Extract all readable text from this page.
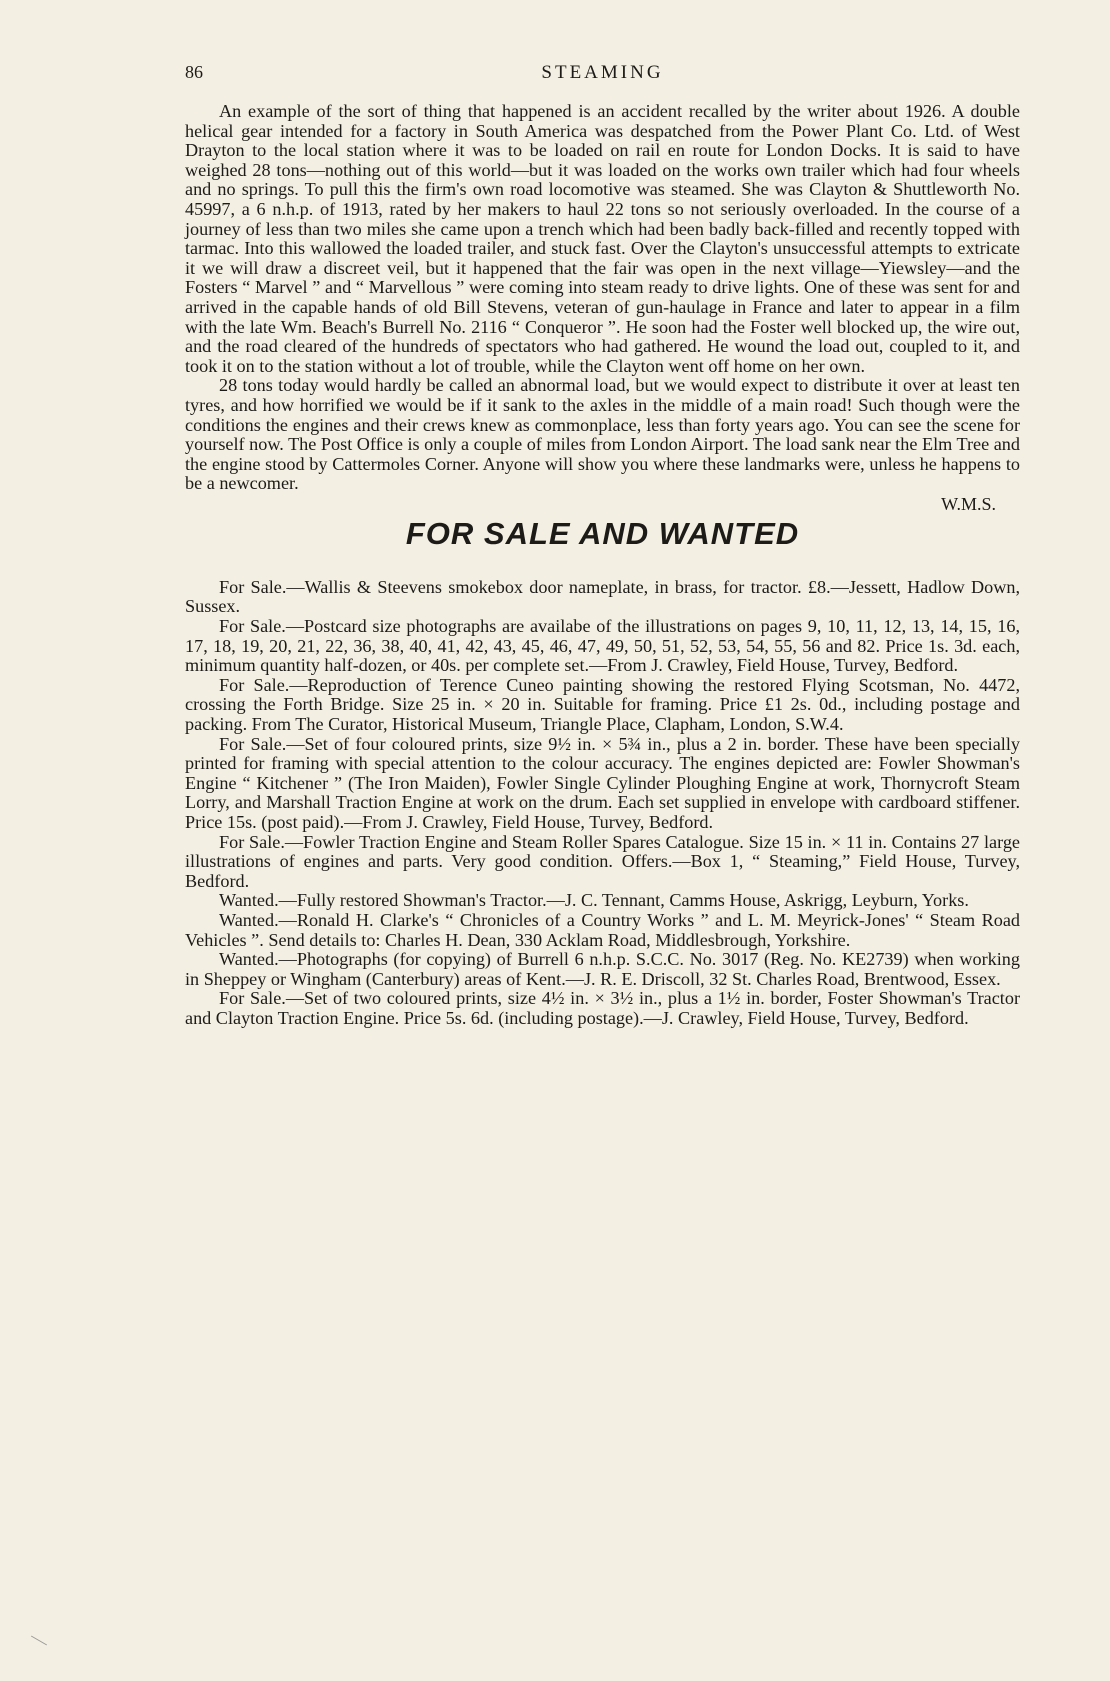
86	STEAMING

An example of the sort of thing that happened is an accident recalled by the writer about 1926. A double helical gear intended for a factory in South America was despatched from the Power Plant Co. Ltd. of West Drayton to the local station where it was to be loaded on rail en route for London Docks. It is said to have weighed 28 tons—nothing out of this world—but it was loaded on the works own trailer which had four wheels and no springs. To pull this the firm's own road locomotive was steamed. She was Clayton & Shuttleworth No. 45997, a 6 n.h.p. of 1913, rated by her makers to haul 22 tons so not seriously overloaded. In the course of a journey of less than two miles she came upon a trench which had been badly back-filled and recently topped with tarmac. Into this wallowed the loaded trailer, and stuck fast. Over the Clayton's unsuccessful attempts to extricate it we will draw a discreet veil, but it happened that the fair was open in the next village—Yiewsley—and the Fosters “ Marvel ” and “ Marvellous ” were coming into steam ready to drive lights. One of these was sent for and arrived in the capable hands of old Bill Stevens, veteran of gun-haulage in France and later to appear in a film with the late Wm. Beach's Burrell No. 2116 “ Conqueror ”. He soon had the Foster well blocked up, the wire out, and the road cleared of the hundreds of spectators who had gathered. He wound the load out, coupled to it, and took it on to the station without a lot of trouble, while the Clayton went off home on her own.

28 tons today would hardly be called an abnormal load, but we would expect to distribute it over at least ten tyres, and how horrified we would be if it sank to the axles in the middle of a main road! Such though were the conditions the engines and their crews knew as commonplace, less than forty years ago. You can see the scene for yourself now. The Post Office is only a couple of miles from London Airport. The load sank near the Elm Tree and the engine stood by Cattermoles Corner. Anyone will show you where these landmarks were, unless he happens to be a newcomer.

W.M.S.
FOR SALE AND WANTED

For Sale.—Wallis & Steevens smokebox door nameplate, in brass, for tractor. £8.—Jessett, Hadlow Down, Sussex.

For Sale.—Postcard size photographs are availabe of the illustrations on pages 9, 10, 11, 12, 13, 14, 15, 16, 17, 18, 19, 20, 21, 22, 36, 38, 40, 41, 42, 43, 45, 46, 47, 49, 50, 51, 52, 53, 54, 55, 56 and 82. Price 1s. 3d. each, minimum quantity half-dozen, or 40s. per complete set.—From J. Crawley, Field House, Turvey, Bedford.

For Sale.—Reproduction of Terence Cuneo painting showing the restored Flying Scotsman, No. 4472, crossing the Forth Bridge. Size 25 in. × 20 in. Suitable for framing. Price £1 2s. 0d., including postage and packing. From The Curator, Historical Museum, Triangle Place, Clapham, London, S.W.4.

For Sale.—Set of four coloured prints, size 9½ in. × 5¾ in., plus a 2 in. border. These have been specially printed for framing with special attention to the colour accuracy. The engines depicted are: Fowler Showman's Engine “ Kitchener ” (The Iron Maiden), Fowler Single Cylinder Ploughing Engine at work, Thornycroft Steam Lorry, and Marshall Traction Engine at work on the drum. Each set supplied in envelope with cardboard stiffener. Price 15s. (post paid).—From J. Crawley, Field House, Turvey, Bedford.

For Sale.—Fowler Traction Engine and Steam Roller Spares Catalogue. Size 15 in. × 11 in. Contains 27 large illustrations of engines and parts. Very good condition. Offers.—Box 1, “ Steaming,” Field House, Turvey, Bedford.

Wanted.—Fully restored Showman's Tractor.—J. C. Tennant, Camms House, Askrigg, Leyburn, Yorks.

Wanted.—Ronald H. Clarke's “ Chronicles of a Country Works ” and L. M. Meyrick-Jones' “ Steam Road Vehicles ”. Send details to: Charles H. Dean, 330 Acklam Road, Middlesbrough, Yorkshire.

Wanted.—Photographs (for copying) of Burrell 6 n.h.p. S.C.C. No. 3017 (Reg. No. KE2739) when working in Sheppey or Wingham (Canterbury) areas of Kent.—J. R. E. Driscoll, 32 St. Charles Road, Brentwood, Essex.

For Sale.—Set of two coloured prints, size 4½ in. × 3½ in., plus a 1½ in. border, Foster Showman's Tractor and Clayton Traction Engine. Price 5s. 6d. (including postage).—J. Crawley, Field House, Turvey, Bedford.
